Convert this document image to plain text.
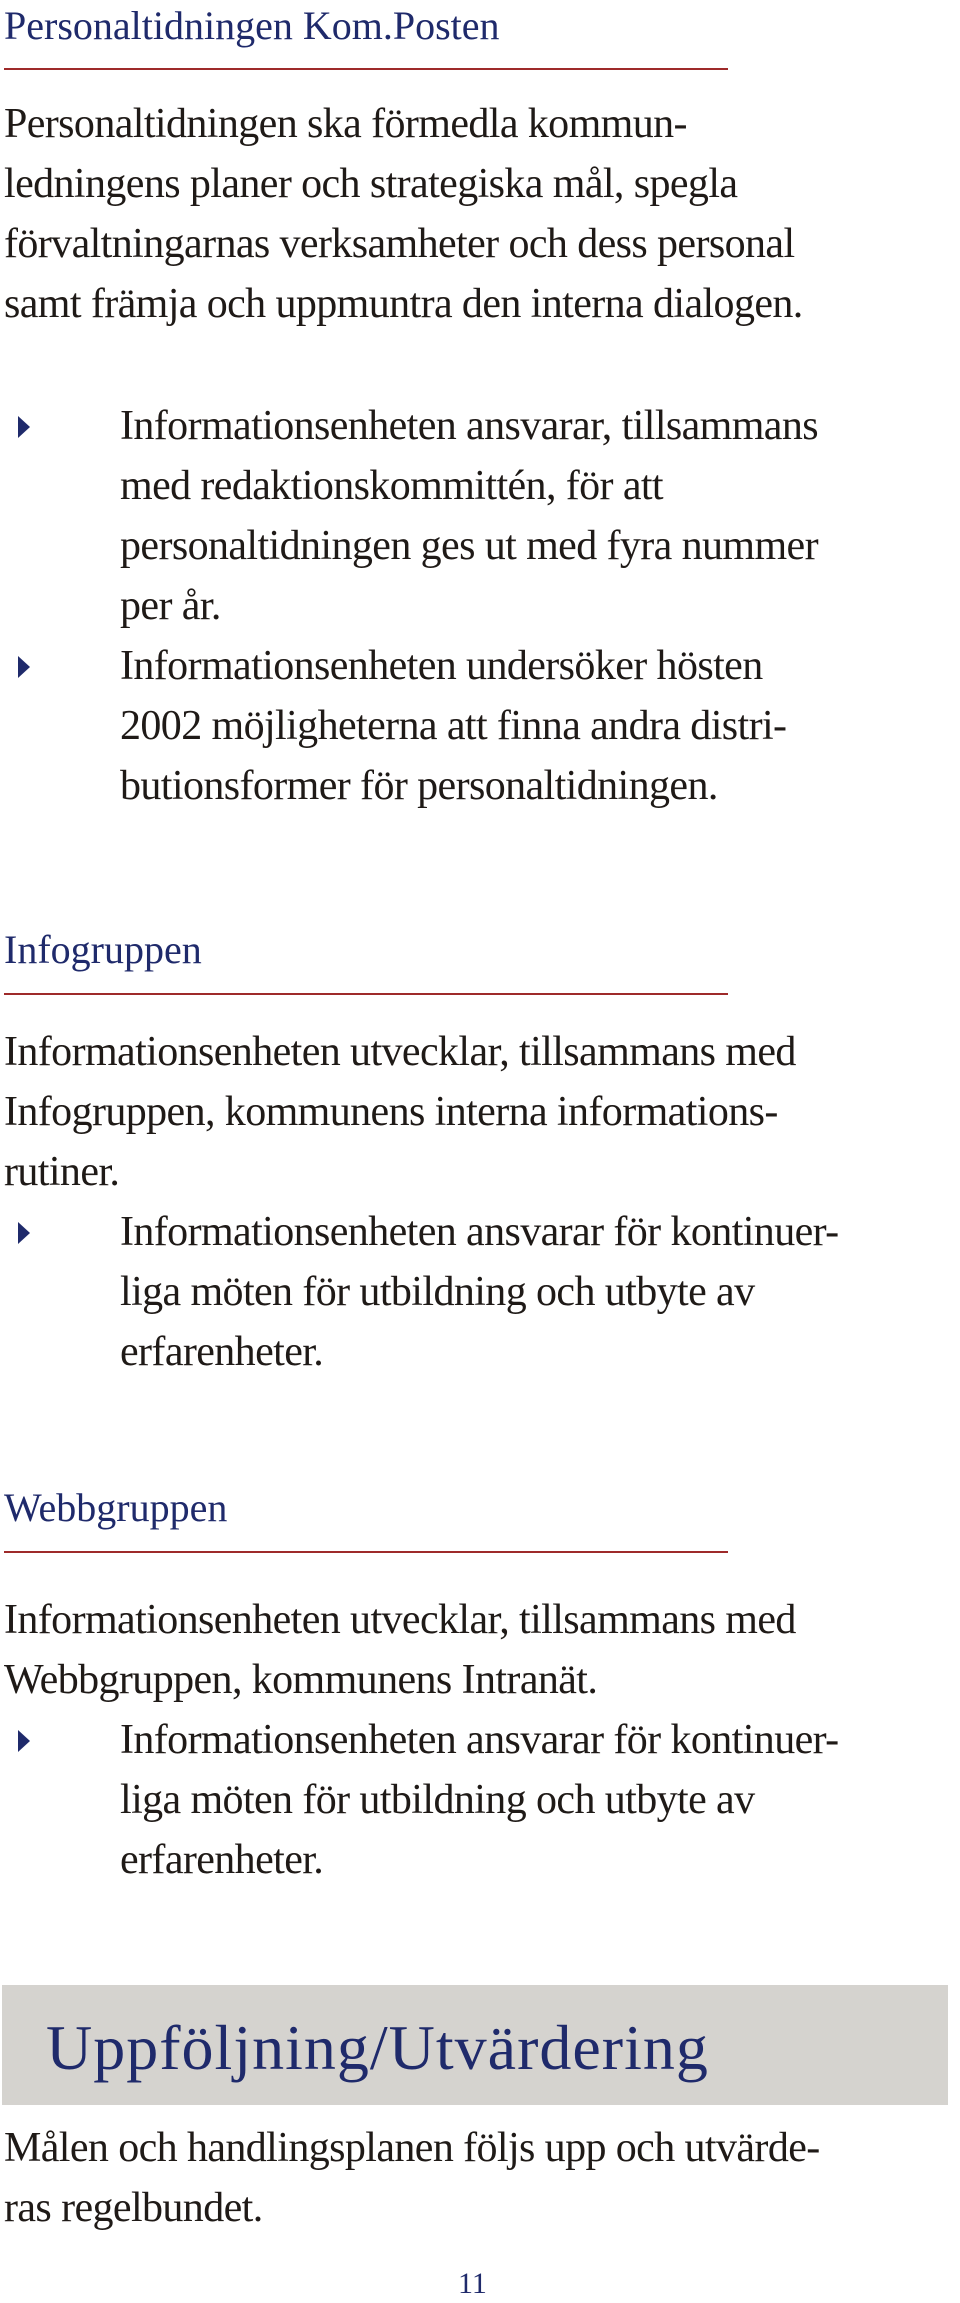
Personaltidningen Kom.Posten
Personaltidningen ska förmedla kommun-
ledningens planer och strategiska mål, spegla
förvaltningarnas verksamheter och dess personal
samt främja och uppmuntra den interna dialogen.
Informationsenheten ansvarar, tillsammans
med redaktionskommittén, för att
personaltidningen ges ut med fyra nummer
per år.
Informationsenheten undersöker hösten
2002 möjligheterna att finna andra distri-
butionsformer för personaltidningen.
Infogruppen
Informationsenheten utvecklar, tillsammans med
Infogruppen, kommunens interna informations-
rutiner.
Informationsenheten ansvarar för kontinuer-
liga möten för utbildning och utbyte av
erfarenheter.
Webbgruppen
Informationsenheten utvecklar, tillsammans med
Webbgruppen, kommunens Intranät.
Informationsenheten ansvarar för kontinuer-
liga möten för utbildning och utbyte av
erfarenheter.
Uppföljning/Utvärdering
Målen och handlingsplanen följs upp och utvärde-
ras regelbundet.
11
